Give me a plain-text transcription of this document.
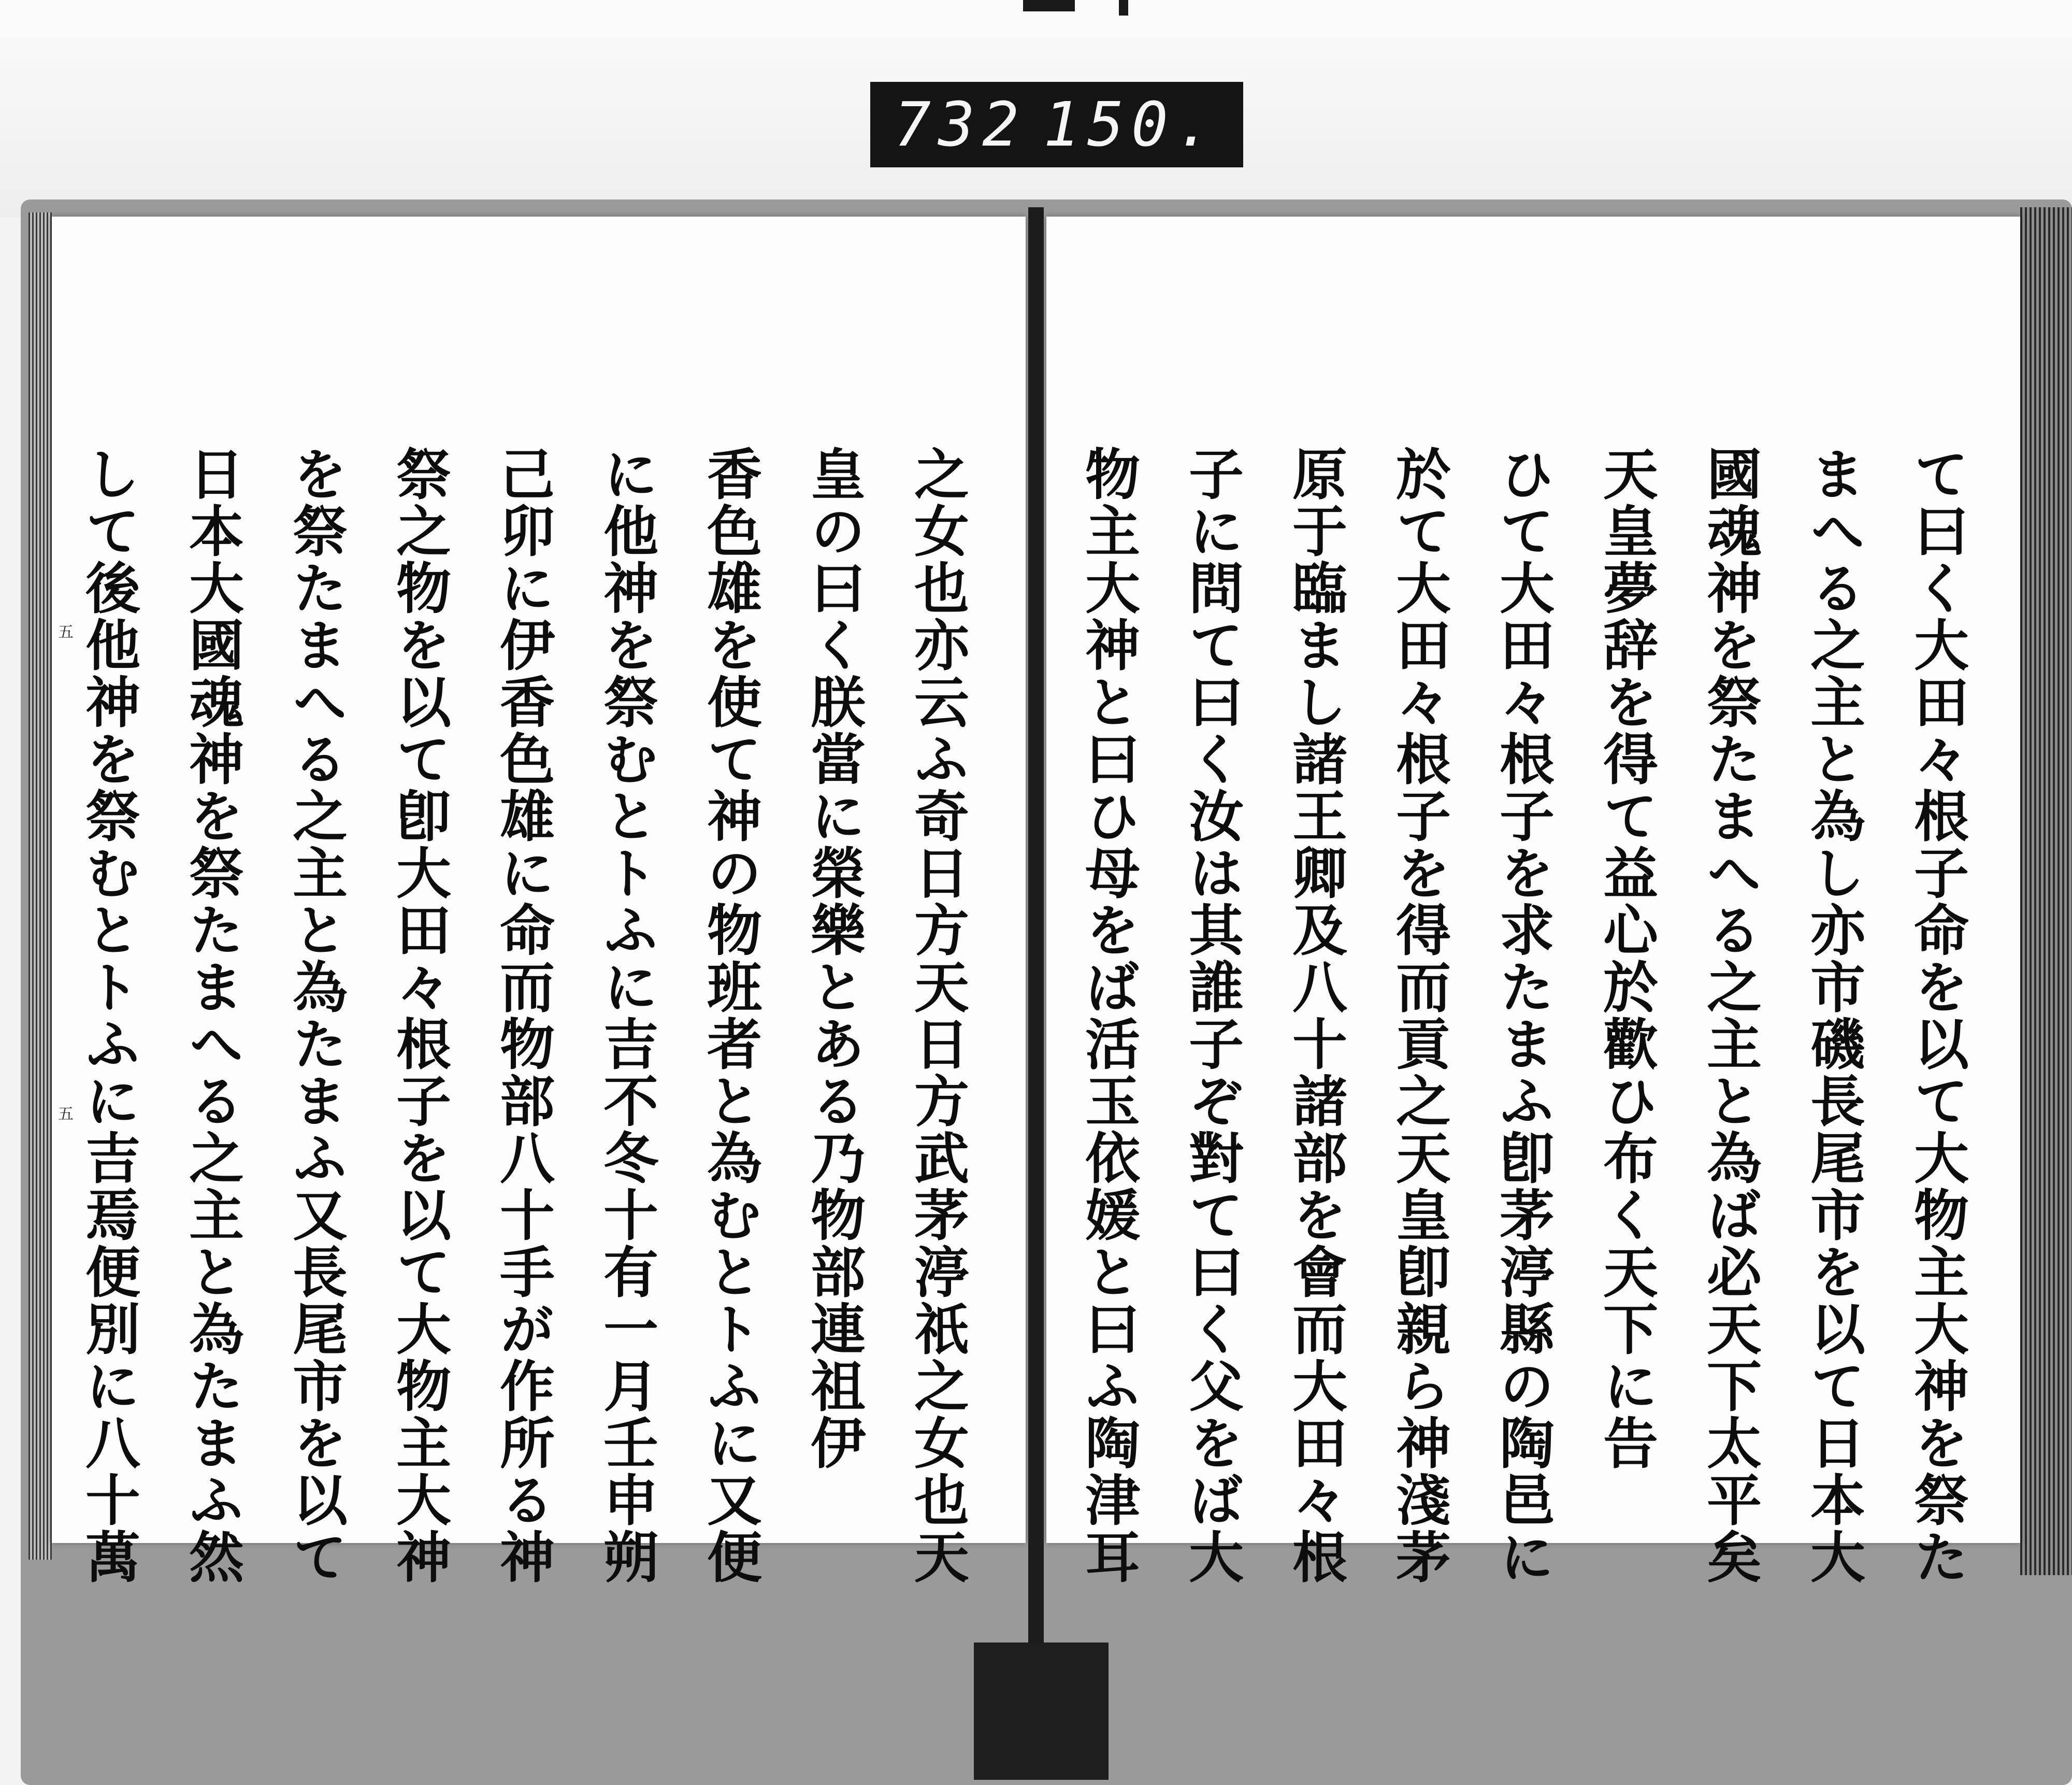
732 150.
五
五	て曰く大田々根子命を以て大物主大神を祭た
まへる之主と為し亦市磯長尾市を以て日本大
國魂神を祭たまへる之主と為ば必天下太平矣
天皇夢辞を得て益心於歡ひ布く天下に告
ひて大田々根子を求たまふ卽茅渟縣の陶邑に
於て大田々根子を得而貢之天皇卽親ら神淺茅
原于臨まし諸王卿及八十諸部を會而大田々根
子に問て曰く汝は其誰子ぞ對て曰く父をば大
物主大神と曰ひ母をば活玉依媛と曰ふ陶津耳
之女也亦云ふ奇日方天日方武茅渟祇之女也天
皇の曰く朕當に榮樂とある乃物部連祖伊
香色雄を使て神の物班者と為むとトふに又便
に他神を祭むとトふに吉不冬十有一月壬申朔
己卯に伊香色雄に命而物部八十手が作所る神
祭之物を以て卽大田々根子を以て大物主大神
を祭たまへる之主と為たまふ又長尾市を以て
日本大國魂神を祭たまへる之主と為たまふ然
して後他神を祭むとトふに吉焉便別に八十萬
